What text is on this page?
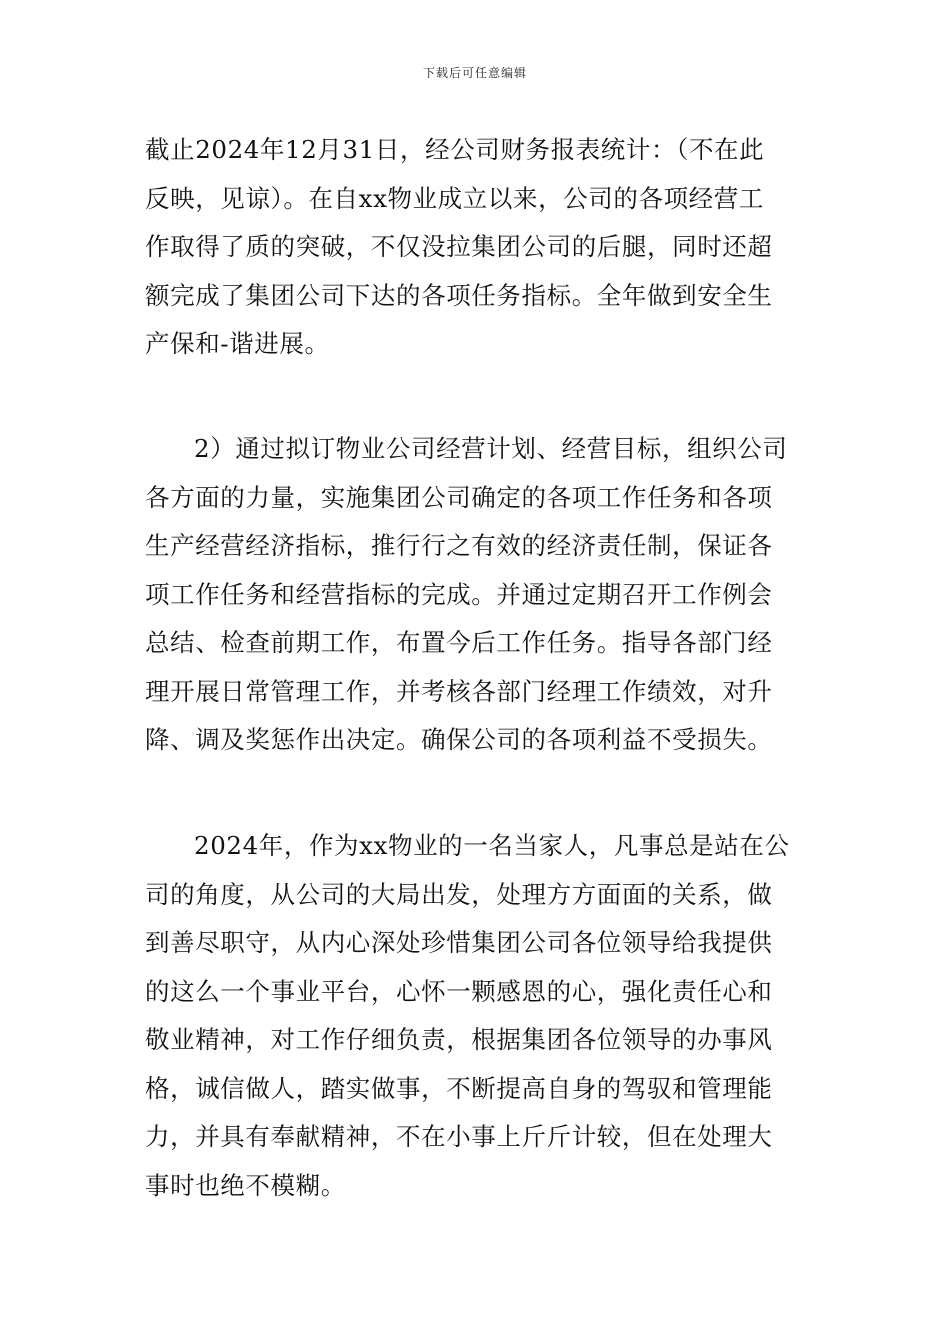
下载后可任意编辑
截止2024年12月31日，经公司财务报表统计：（不在此
反映，见谅）。在自xx物业成立以来，公司的各项经营工
作取得了质的突破，不仅没拉集团公司的后腿，同时还超
额完成了集团公司下达的各项任务指标。全年做到安全生
产保和-谐进展。
2）通过拟订物业公司经营计划、经营目标，组织公司
各方面的力量，实施集团公司确定的各项工作任务和各项
生产经营经济指标，推行行之有效的经济责任制，保证各
项工作任务和经营指标的完成。并通过定期召开工作例会
总结、检查前期工作，布置今后工作任务。指导各部门经
理开展日常管理工作，并考核各部门经理工作绩效，对升
降、调及奖惩作出决定。确保公司的各项利益不受损失。
2024年，作为xx物业的一名当家人，凡事总是站在公
司的角度，从公司的大局出发，处理方方面面的关系，做
到善尽职守，从内心深处珍惜集团公司各位领导给我提供
的这么一个事业平台，心怀一颗感恩的心，强化责任心和
敬业精神，对工作仔细负责，根据集团各位领导的办事风
格，诚信做人，踏实做事，不断提高自身的驾驭和管理能
力，并具有奉献精神，不在小事上斤斤计较，但在处理大
事时也绝不模糊。
